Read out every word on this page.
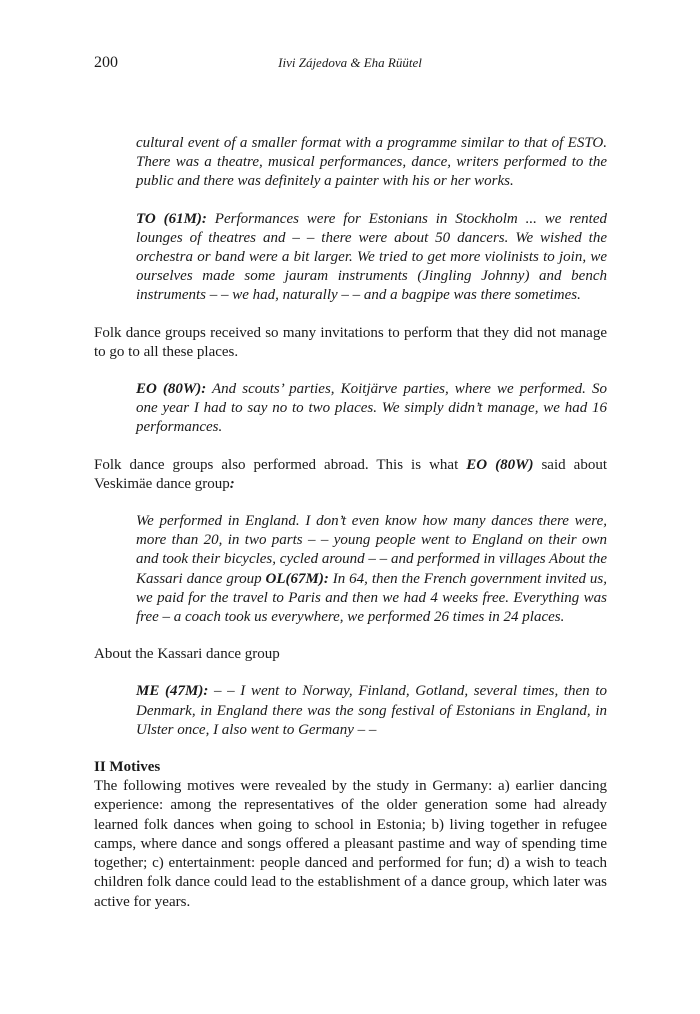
200	Iivi Zájedova & Eha Rüütel

cultural event of a smaller format with a programme similar to that of ESTO. There was a theatre, musical performances, dance, writers performed to the public and there was definitely a painter with his or her works.

TO (61M): Performances were for Estonians in Stockholm ... we rented lounges of theatres and – – there were about 50 dancers. We wished the orchestra or band were a bit larger. We tried to get more violinists to join, we ourselves made some jauram instruments (Jingling Johnny) and bench instruments – – we had, naturally – – and a bagpipe was there sometimes.

Folk dance groups received so many invitations to perform that they did not manage to go to all these places.

EO (80W): And scouts’ parties, Koitjärve parties, where we performed. So one year I had to say no to two places. We simply didn’t manage, we had 16 performances.

Folk dance groups also performed abroad. This is what EO (80W) said about Veskimäe dance group:

We performed in England. I don’t even know how many dances there were, more than 20, in two parts – – young people went to England on their own and took their bicycles, cycled around – – and performed in villages About the Kassari dance group OL(67M): In 64, then the French government invited us, we paid for the travel to Paris and then we had 4 weeks free. Everything was free – a coach took us everywhere, we performed 26 times in 24 places.

About the Kassari dance group

ME (47M): – – I went to Norway, Finland, Gotland, several times, then to Denmark, in England there was the song festival of Estonians in England, in Ulster once, I also went to Germany – –

II Motives

The following motives were revealed by the study in Germany: a) earlier dancing experience: among the representatives of the older generation some had already learned folk dances when going to school in Estonia; b) living together in refugee camps, where dance and songs offered a pleasant pastime and way of spending time together; c) entertainment: people danced and performed for fun; d) a wish to teach children folk dance could lead to the establishment of a dance group, which later was active for years.
